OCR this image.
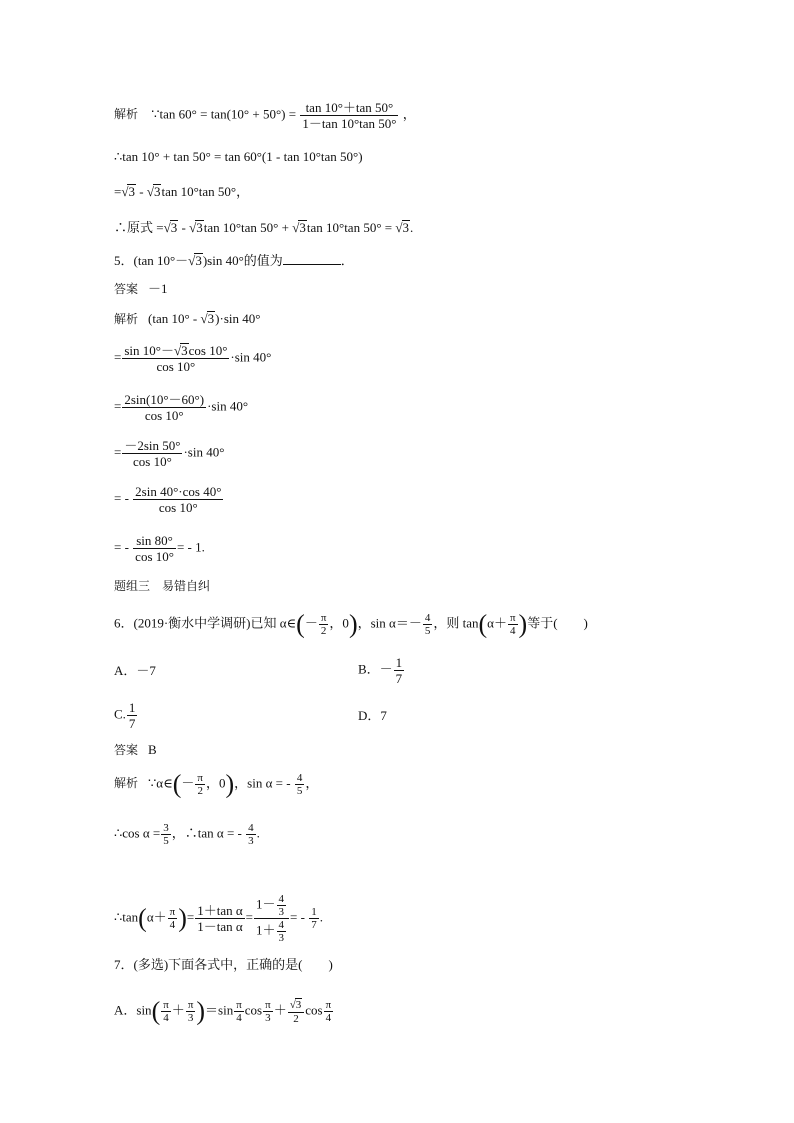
解析 ∵tan $60^\circ = \tan(10^\circ + 50^\circ) = \frac{\tan 10^\circ+\tan 50^\circ}{1-\tan 10^\circ\tan 50^\circ}$ ，
∴tan 10° + tan 50° = tan 60°(1 - tan 10°tan 50°)
=√3 - √3tan 10°tan 50°，
∴原式 =√3 - √3tan 10°tan 50° + √3tan 10°tan 50° = √3.
5．(tan 10°－√3)sin 40°的值为	．
答案 －1
解析 (tan 10° - √3)·sin 40°
= $\frac{\sin 10^\circ-√3\cos 10^\circ}{\cos 10^\circ} \cdot\sin$ 40°
= $\frac{2\sin(10^\circ-60^\circ)}{\cos 10^\circ} \cdot\sin$ 40°
= $\frac{-2\sin 50^\circ}{\cos 10^\circ} \cdot\sin$ 40°
= - $\frac{2\sin 40^\circ\cdot\cos 40^\circ}{\cos 10^\circ}$
= - $\frac{\sin 80^\circ}{\cos 10^\circ}$ = - 1.
题组三　易错自纠
6．(2019·衡水中学调研)已知 α∈(－ $\frac{\pi}{2}$ ，0)，$\sin \alpha=- \frac{4}{5}$ ，则 $\tan(\alpha+ \frac{\pi}{4}$ )等于(　　)
A．－7	B．－ $\frac{1}{7}$
C. $\frac{1}{7}$	D．7
答案 B
解析 ∵α∈(－ $\frac{\pi}{2}$ ，0)，sin α = - $\frac{4}{5}$ ，
∴cos $\alpha = \frac{3}{5}$ ，∴tan α = - $\frac{4}{3}$ .
∴tan(α＋ $\frac{\pi}{4}$ )= $\frac{\text{1＋tan α}}{\text{1－tan α}} = \frac{1- \frac{4}{3}}{1+ \frac{4}{3}}$ = - $\frac{1}{7}$ .
7．(多选)下面各式中，正确的是(　　)
A．$\sin( \frac{\pi}{4} + \frac{\pi}{3} )=\sin \frac{\pi}{4}$ $\cos \frac{\pi}{3} + \frac{√3}{2}$ $\cos \frac{\pi}{4}$
